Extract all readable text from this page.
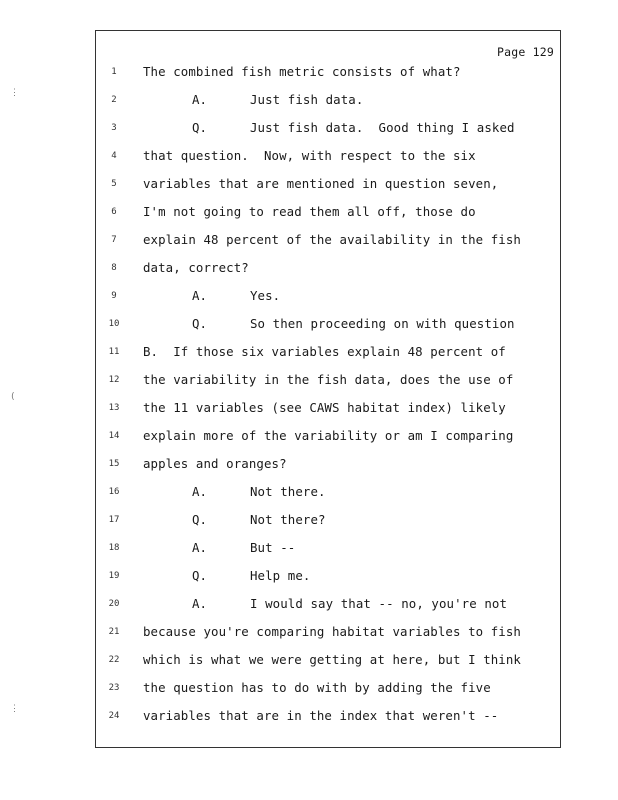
⋮
(
⋮
Page 129
1	The combined fish metric consists of what?
2	A.	Just fish data.
3	Q.	Just fish data.  Good thing I asked
4	that question.  Now, with respect to the six
5	variables that are mentioned in question seven,
6	I'm not going to read them all off, those do
7	explain 48 percent of the availability in the fish
8	data, correct?
9	A.	Yes.
10	Q.	So then proceeding on with question
11	B.  If those six variables explain 48 percent of
12	the variability in the fish data, does the use of
13	the 11 variables (see CAWS habitat index) likely
14	explain more of the variability or am I comparing
15	apples and oranges?
16	A.	Not there.
17	Q.	Not there?
18	A.	But --
19	Q.	Help me.
20	A.	I would say that -- no, you're not
21	because you're comparing habitat variables to fish
22	which is what we were getting at here, but I think
23	the question has to do with by adding the five
24	variables that are in the index that weren't --
